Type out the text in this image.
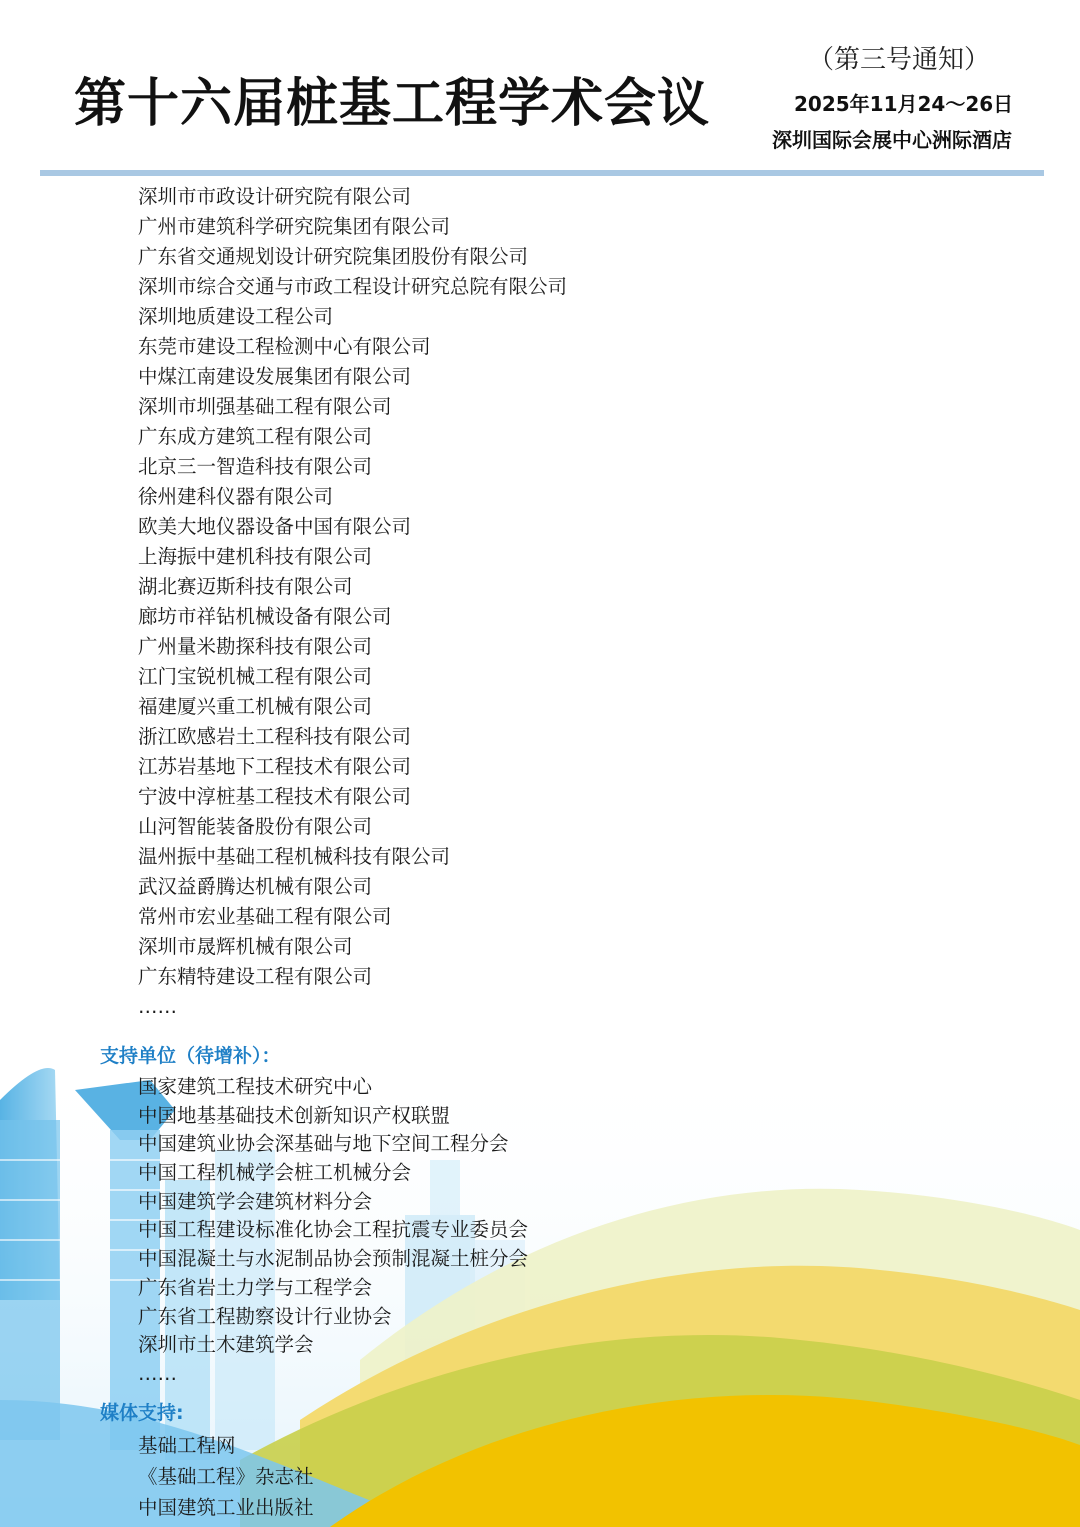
第十六届桩基工程学术会议
（第三号通知）
2025年11月24～26日
深圳国际会展中心洲际酒店
深圳市市政设计研究院有限公司
广州市建筑科学研究院集团有限公司
广东省交通规划设计研究院集团股份有限公司
深圳市综合交通与市政工程设计研究总院有限公司
深圳地质建设工程公司
东莞市建设工程检测中心有限公司
中煤江南建设发展集团有限公司
深圳市圳强基础工程有限公司
广东成方建筑工程有限公司
北京三一智造科技有限公司
徐州建科仪器有限公司
欧美大地仪器设备中国有限公司
上海振中建机科技有限公司
湖北赛迈斯科技有限公司
廊坊市祥钻机械设备有限公司
广州量米勘探科技有限公司
江门宝锐机械工程有限公司
福建厦兴重工机械有限公司
浙江欧感岩土工程科技有限公司
江苏岩基地下工程技术有限公司
宁波中淳桩基工程技术有限公司
山河智能装备股份有限公司
温州振中基础工程机械科技有限公司
武汉益爵腾达机械有限公司
常州市宏业基础工程有限公司
深圳市晟辉机械有限公司
广东精特建设工程有限公司
……
支持单位（待增补）：
国家建筑工程技术研究中心
中国地基基础技术创新知识产权联盟
中国建筑业协会深基础与地下空间工程分会
中国工程机械学会桩工机械分会
中国建筑学会建筑材料分会
中国工程建设标准化协会工程抗震专业委员会
中国混凝土与水泥制品协会预制混凝土桩分会
广东省岩土力学与工程学会
广东省工程勘察设计行业协会
深圳市土木建筑学会
……
媒体支持:
基础工程网
《基础工程》杂志社
中国建筑工业出版社
